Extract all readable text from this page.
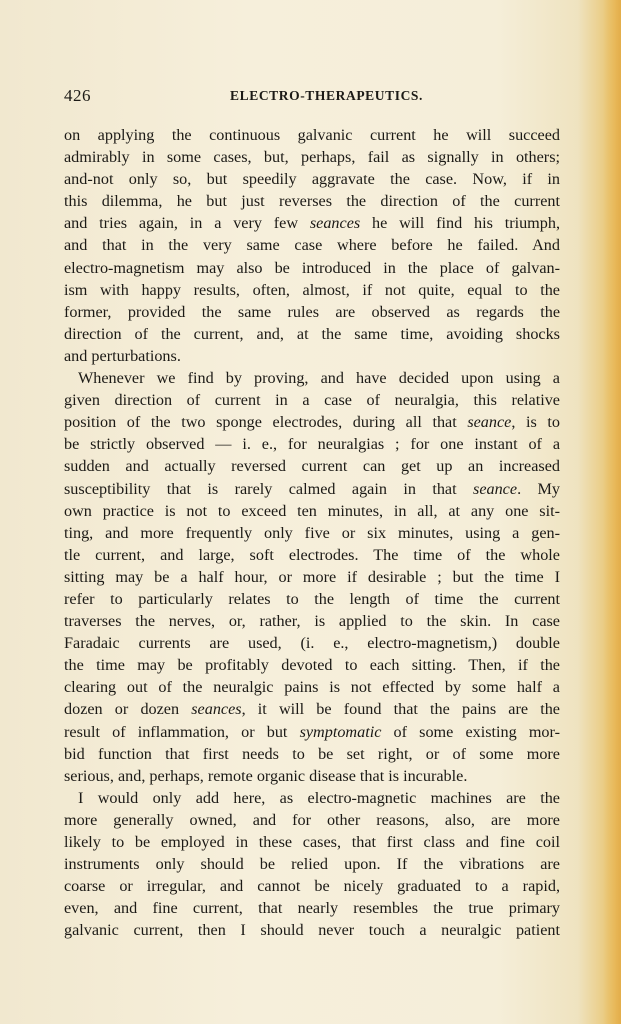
426	ELECTRO-THERAPEUTICS.
on applying the continuous galvanic current he will succeed
admirably in some cases, but, perhaps, fail as signally in others;
and-not only so, but speedily aggravate the case. Now, if in
this dilemma, he but just reverses the direction of the current
and tries again, in a very few seances he will find his triumph,
and that in the very same case where before he failed. And
electro-magnetism may also be introduced in the place of galvan-
ism with happy results, often, almost, if not quite, equal to the
former, provided the same rules are observed as regards the
direction of the current, and, at the same time, avoiding shocks
and perturbations.
Whenever we find by proving, and have decided upon using a
given direction of current in a case of neuralgia, this relative
position of the two sponge electrodes, during all that seance, is to
be strictly observed — i. e., for neuralgias ; for one instant of a
sudden and actually reversed current can get up an increased
susceptibility that is rarely calmed again in that seance. My
own practice is not to exceed ten minutes, in all, at any one sit-
ting, and more frequently only five or six minutes, using a gen-
tle current, and large, soft electrodes. The time of the whole
sitting may be a half hour, or more if desirable ; but the time I
refer to particularly relates to the length of time the current
traverses the nerves, or, rather, is applied to the skin. In case
Faradaic currents are used, (i. e., electro-magnetism,) double
the time may be profitably devoted to each sitting. Then, if the
clearing out of the neuralgic pains is not effected by some half a
dozen or dozen seances, it will be found that the pains are the
result of inflammation, or but symptomatic of some existing mor-
bid function that first needs to be set right, or of some more
serious, and, perhaps, remote organic disease that is incurable.
I would only add here, as electro-magnetic machines are the
more generally owned, and for other reasons, also, are more
likely to be employed in these cases, that first class and fine coil
instruments only should be relied upon. If the vibrations are
coarse or irregular, and cannot be nicely graduated to a rapid,
even, and fine current, that nearly resembles the true primary
galvanic current, then I should never touch a neuralgic patient
